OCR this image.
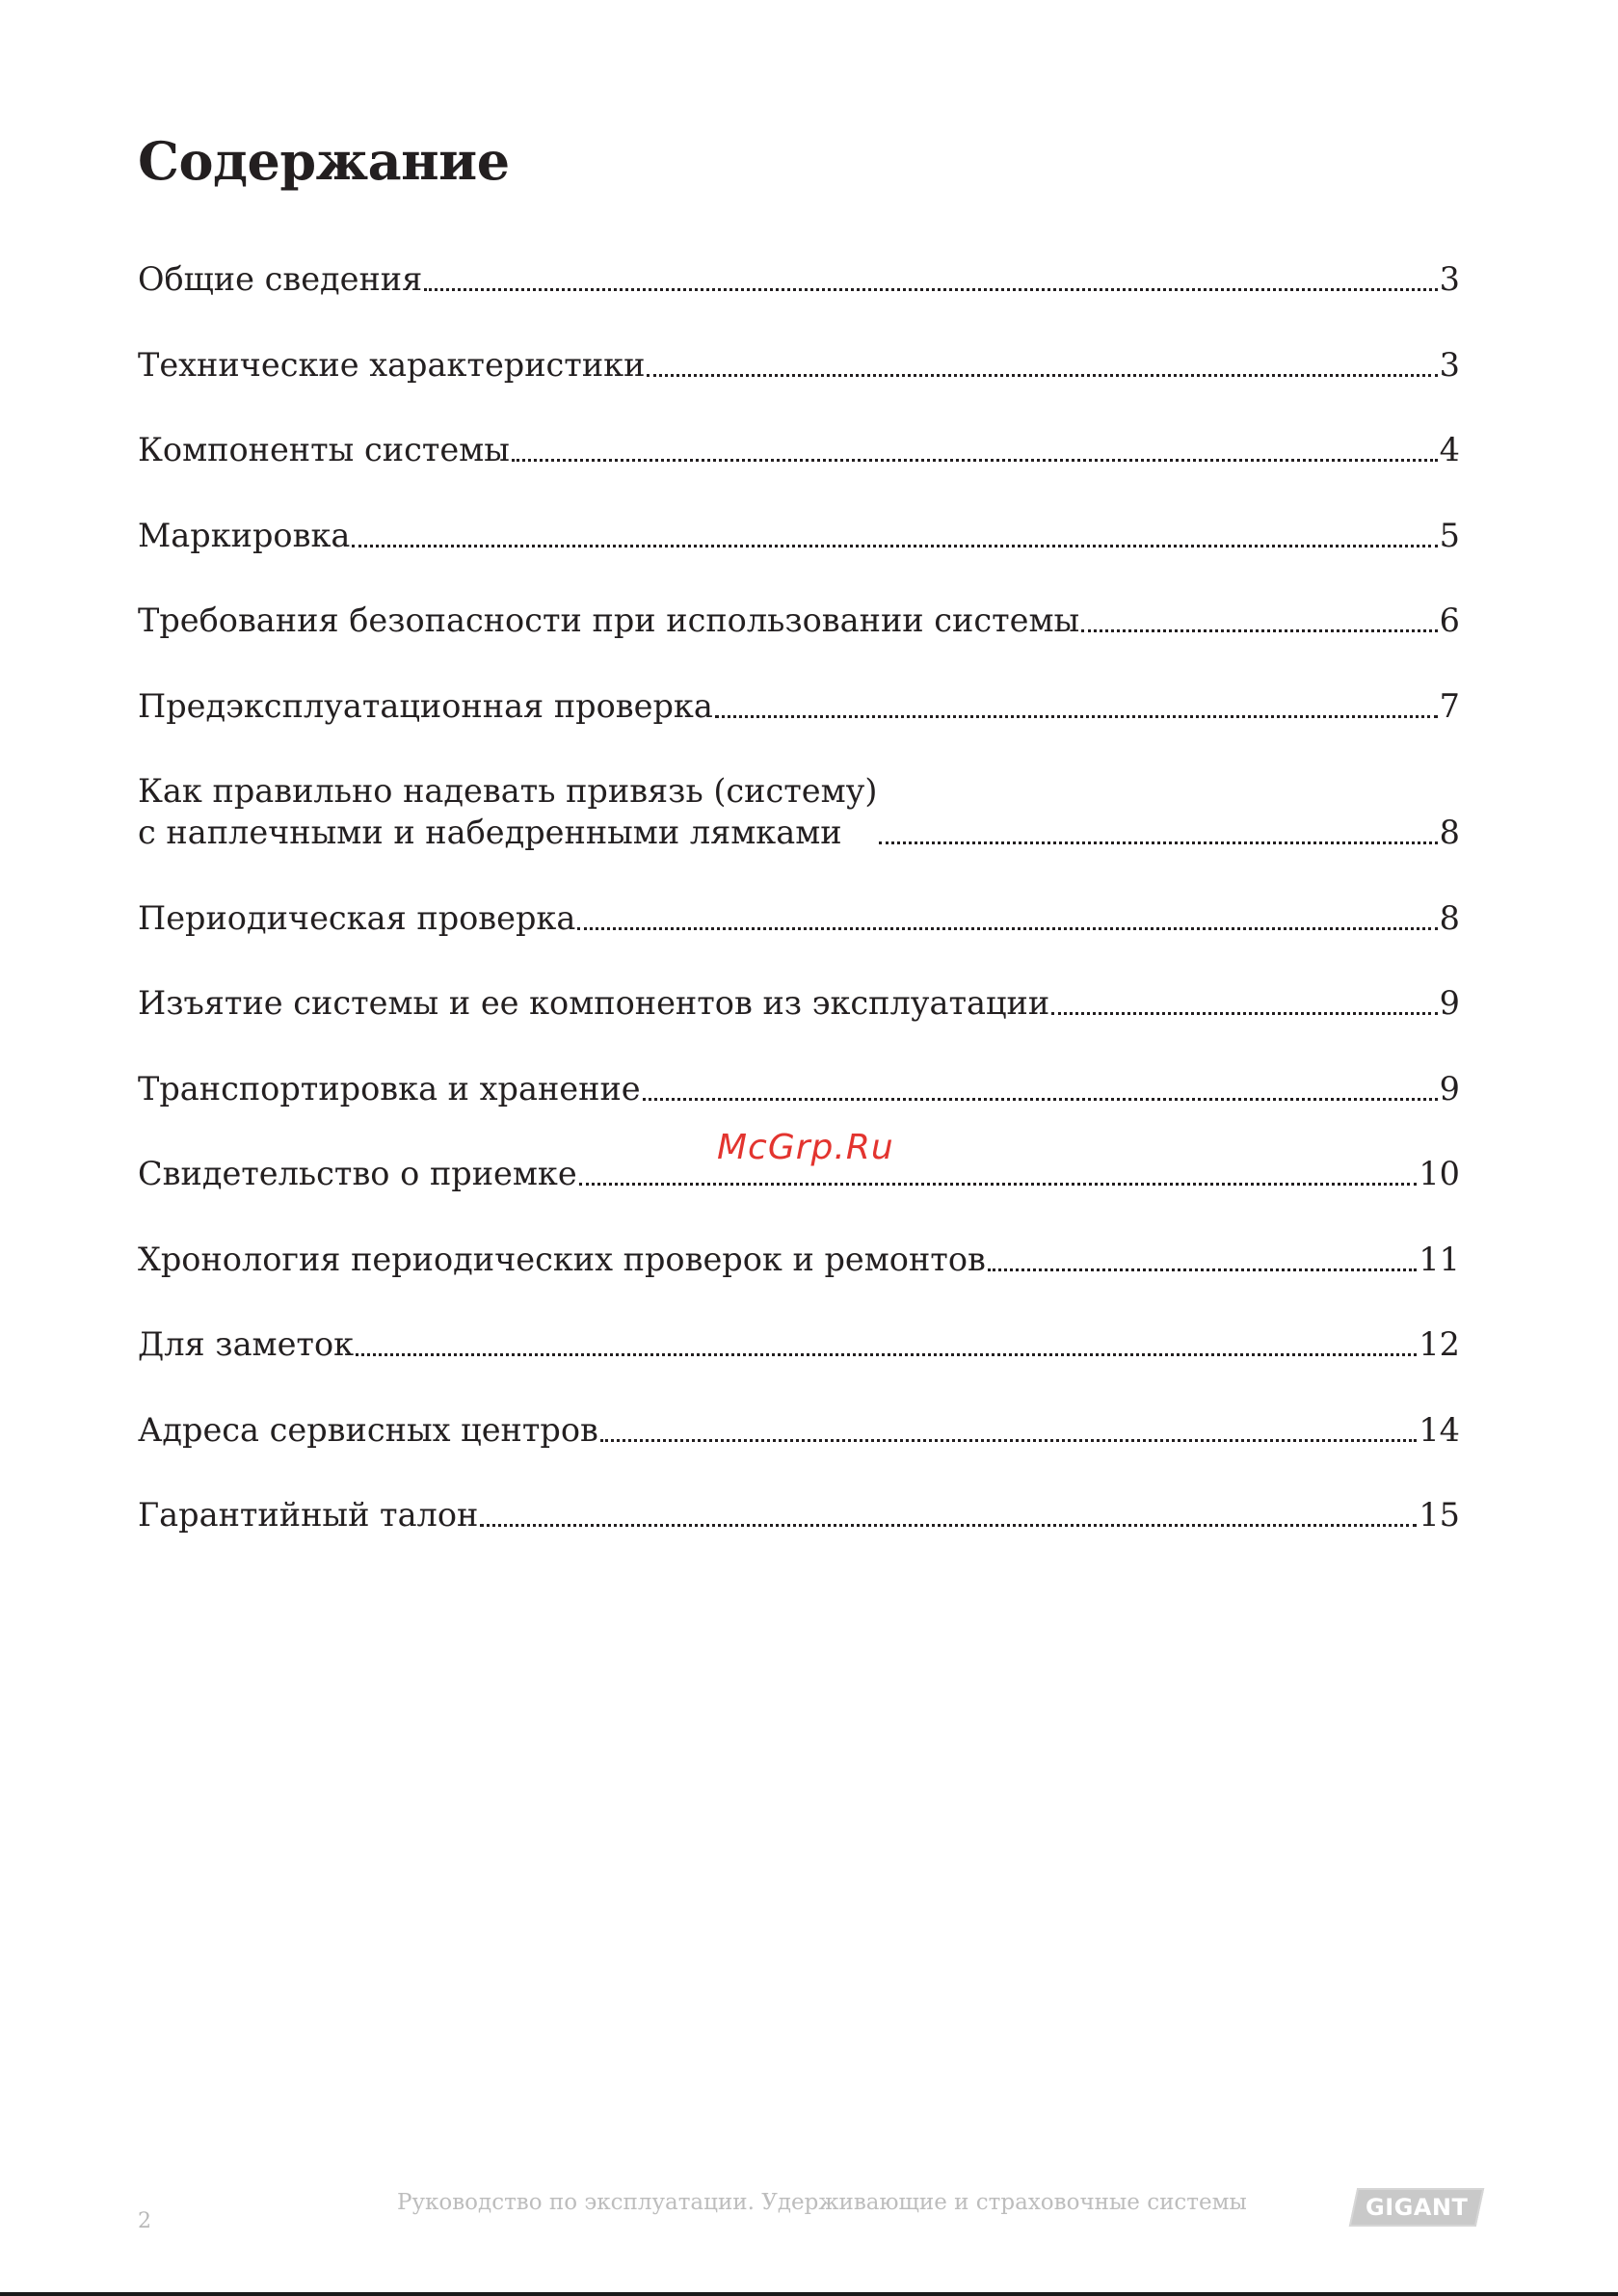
Содержание
Общие сведения	3
Технические характеристики	3
Компоненты системы	4
Маркировка	5
Требования безопасности при использовании системы	6
Предэксплуатационная проверка	7
Как правильно надевать привязь (систему)
с наплечными и набедренными лямками	8
Периодическая проверка	8
Изъятие системы и ее компонентов из эксплуатации	9
Транспортировка и хранение	9
Свидетельство о приемке	10
Хронология периодических проверок и ремонтов	11
Для заметок	12
Адреса сервисных центров	14
Гарантийный талон	15
McGrp.Ru
2
Руководство по эксплуатации. Удерживающие и страховочные системы	GIGANT
